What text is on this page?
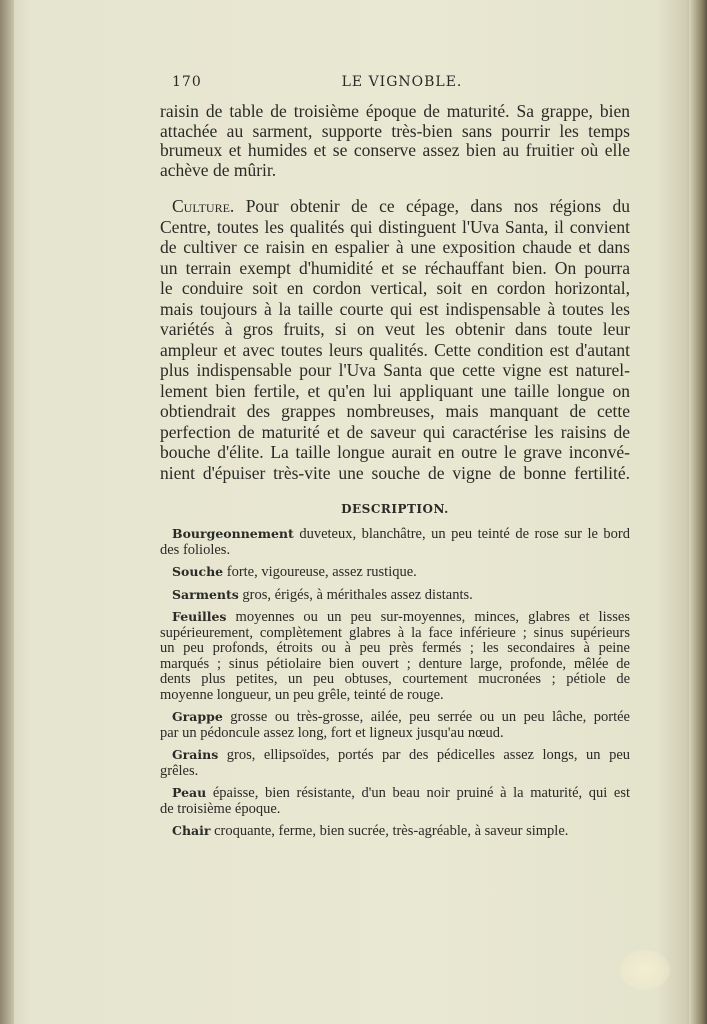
170	LE VIGNOBLE.
raisin de table de troisième époque de maturité. Sa grappe, bien
attachée au sarment, supporte très-bien sans pourrir les temps
brumeux et humides et se conserve assez bien au fruitier où elle
achève de mûrir.
Culture. Pour obtenir de ce cépage, dans nos régions du
Centre, toutes les qualités qui distinguent l'Uva Santa, il convient
de cultiver ce raisin en espalier à une exposition chaude et dans
un terrain exempt d'humidité et se réchauffant bien. On pourra
le conduire soit en cordon vertical, soit en cordon horizontal,
mais toujours à la taille courte qui est indispensable à toutes les
variétés à gros fruits, si on veut les obtenir dans toute leur
ampleur et avec toutes leurs qualités. Cette condition est d'autant
plus indispensable pour l'Uva Santa que cette vigne est naturel-
lement bien fertile, et qu'en lui appliquant une taille longue on
obtiendrait des grappes nombreuses, mais manquant de cette
perfection de maturité et de saveur qui caractérise les raisins de
bouche d'élite. La taille longue aurait en outre le grave inconvé-
nient d'épuiser très-vite une souche de vigne de bonne fertilité.
DESCRIPTION.
Bourgeonnement duveteux, blanchâtre, un peu teinté de rose sur le bord
des folioles.
Souche forte, vigoureuse, assez rustique.
Sarments gros, érigés, à mérithales assez distants.
Feuilles moyennes ou un peu sur-moyennes, minces, glabres et lisses
supérieurement, complètement glabres à la face inférieure ; sinus supérieurs
un peu profonds, étroits ou à peu près fermés ; les secondaires à peine
marqués ; sinus pétiolaire bien ouvert ; denture large, profonde, mêlée de
dents plus petites, un peu obtuses, courtement mucronées ; pétiole de
moyenne longueur, un peu grêle, teinté de rouge.
Grappe grosse ou très-grosse, ailée, peu serrée ou un peu lâche, portée
par un pédoncule assez long, fort et ligneux jusqu'au nœud.
Grains gros, ellipsoïdes, portés par des pédicelles assez longs, un peu
grêles.
Peau épaisse, bien résistante, d'un beau noir pruiné à la maturité, qui est
de troisième époque.
Chair croquante, ferme, bien sucrée, très-agréable, à saveur simple.
